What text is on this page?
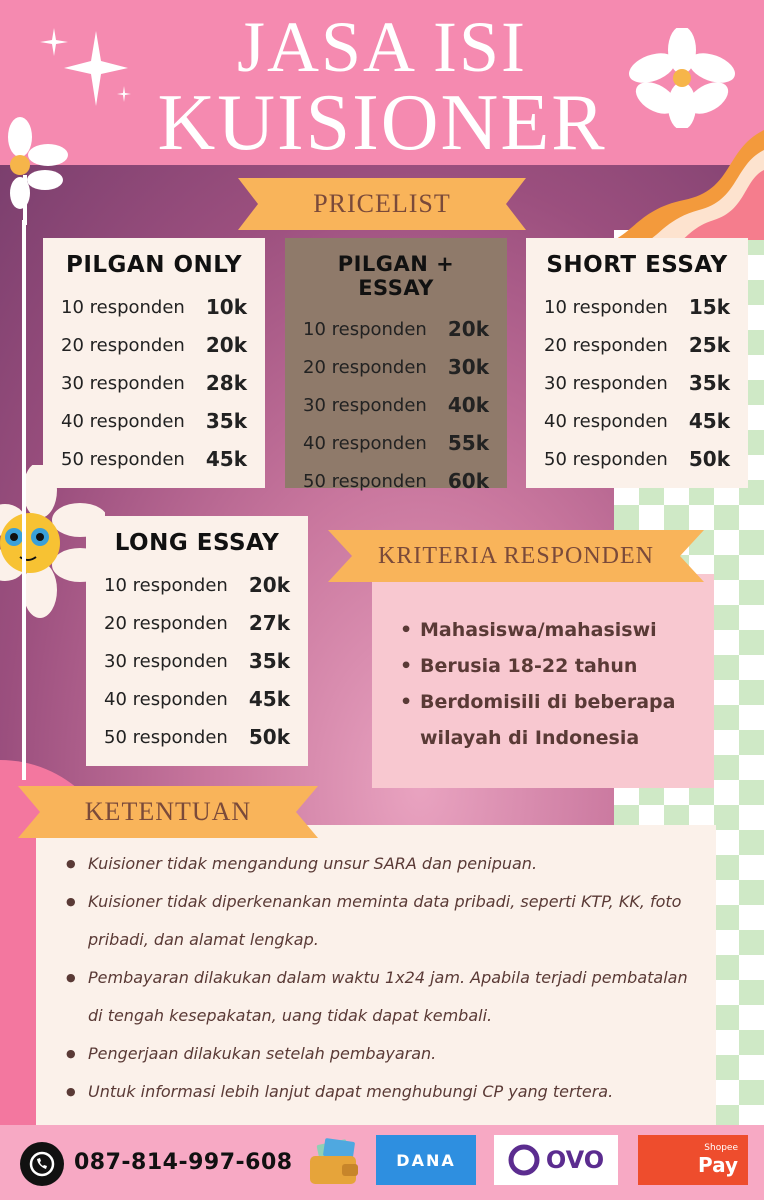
JASA ISI
KUISIONER
PRICELIST
PILGAN ONLY
10 responden 10k
20 responden 20k
30 responden 28k
40 responden 35k
50 responden 45k
PILGAN + ESSAY
10 responden 20k
20 responden 30k
30 responden 40k
40 responden 55k
50 responden 60k
SHORT ESSAY
10 responden 15k
20 responden 25k
30 responden 35k
40 responden 45k
50 responden 50k
LONG ESSAY
10 responden 20k
20 responden 27k
30 responden 35k
40 responden 45k
50 responden 50k
• Mahasiswa/mahasiswi
• Berusia 18-22 tahun
• Berdomisili di beberapa wilayah di Indonesia
KRITERIA RESPONDEN
● Kuisioner tidak mengandung unsur SARA dan penipuan.
● Kuisioner tidak diperkenankan meminta data pribadi, seperti KTP, KK, foto pribadi, dan alamat lengkap.
● Pembayaran dilakukan dalam waktu 1x24 jam. Apabila terjadi pembatalan di tengah kesepakatan, uang tidak dapat kembali.
● Pengerjaan dilakukan setelah pembayaran.
● Untuk informasi lebih lanjut dapat menghubungi CP yang tertera.
KETENTUAN
087-814-997-608	DANA	OVO	Shopee
Pay
